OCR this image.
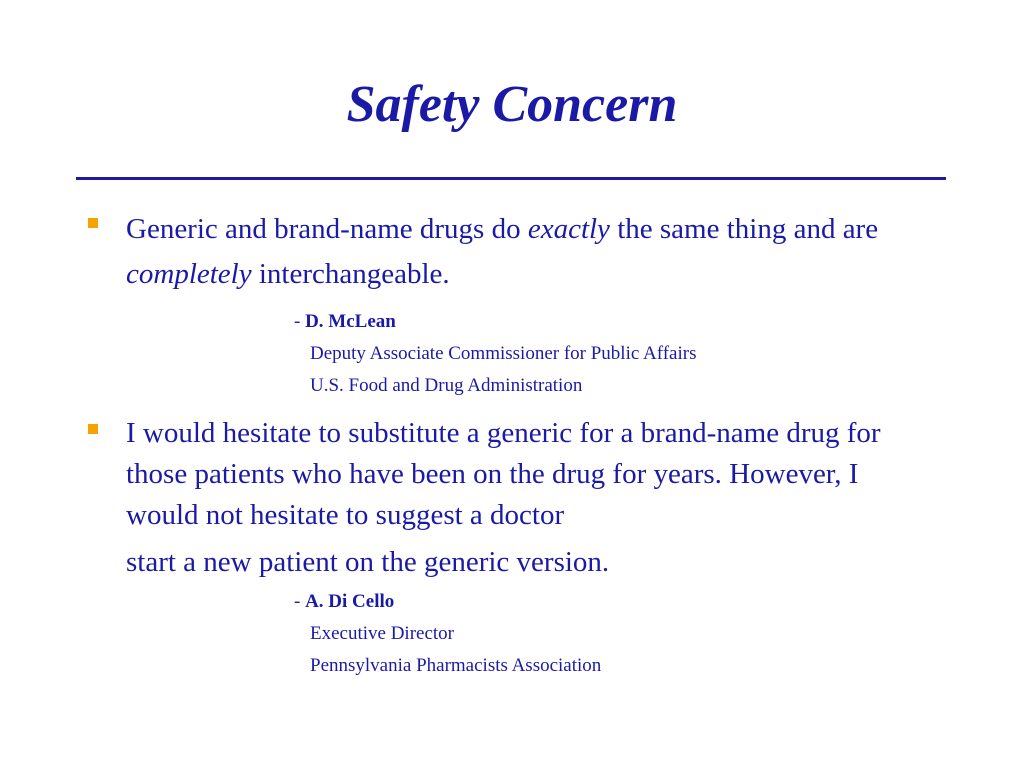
Safety Concern

Generic and brand-name drugs do exactly the same thing and are completely interchangeable.

- D. McLean
Deputy Associate Commissioner for Public Affairs
U.S. Food and Drug Administration

I would hesitate to substitute a generic for a brand-name drug for those patients who have been on the drug for years. However, I would not hesitate to suggest a doctor
start a new patient on the generic version.

- A. Di Cello
Executive Director
Pennsylvania Pharmacists Association
